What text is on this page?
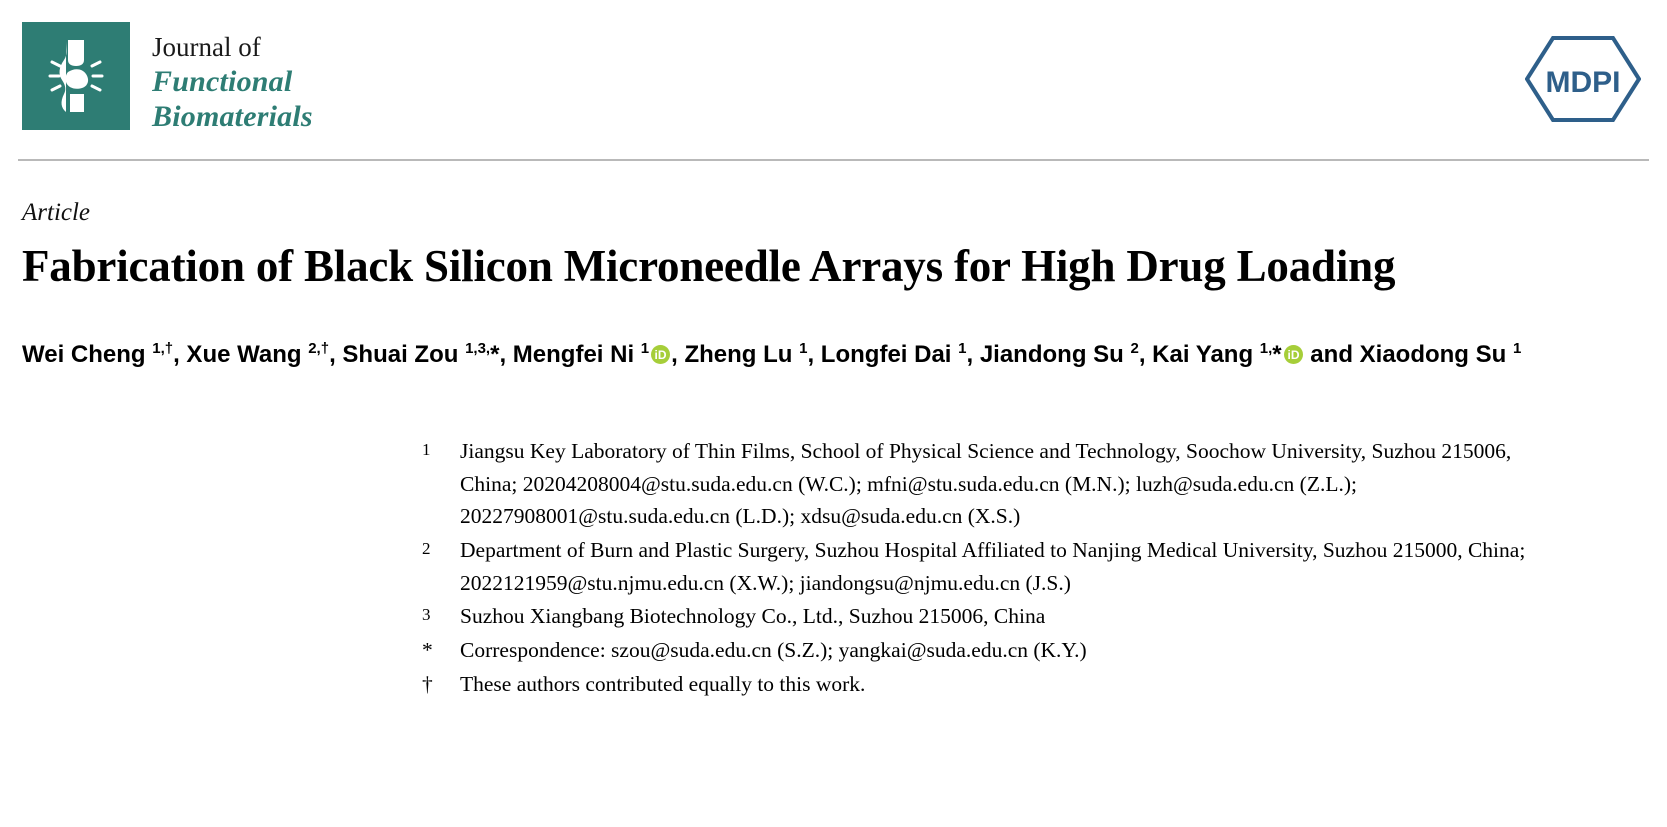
Journal of
Functional
Biomaterials
MDPI
Article
Fabrication of Black Silicon Microneedle Arrays for High Drug Loading
Wei Cheng $^{1,\dagger}$, Xue Wang $^{2,\dagger}$, Shuai Zou $^{1,3,}$*, Mengfei Ni $^1$ iD , Zheng Lu $^1$, Longfei Dai $^1$, Jiandong Su $^2$, Kai Yang $^{1,}$* iD and Xiaodong Su $^1$
1	Jiangsu Key Laboratory of Thin Films, School of Physical Science and Technology, Soochow University, Suzhou 215006, China; 20204208004@stu.suda.edu.cn (W.C.); mfni@stu.suda.edu.cn (M.N.); luzh@suda.edu.cn (Z.L.); 20227908001@stu.suda.edu.cn (L.D.); xdsu@suda.edu.cn (X.S.)
2	Department of Burn and Plastic Surgery, Suzhou Hospital Affiliated to Nanjing Medical University, Suzhou 215000, China; 2022121959@stu.njmu.edu.cn (X.W.); jiandongsu@njmu.edu.cn (J.S.)
3	Suzhou Xiangbang Biotechnology Co., Ltd., Suzhou 215006, China
*	Correspondence: szou@suda.edu.cn (S.Z.); yangkai@suda.edu.cn (K.Y.)
†	These authors contributed equally to this work.
